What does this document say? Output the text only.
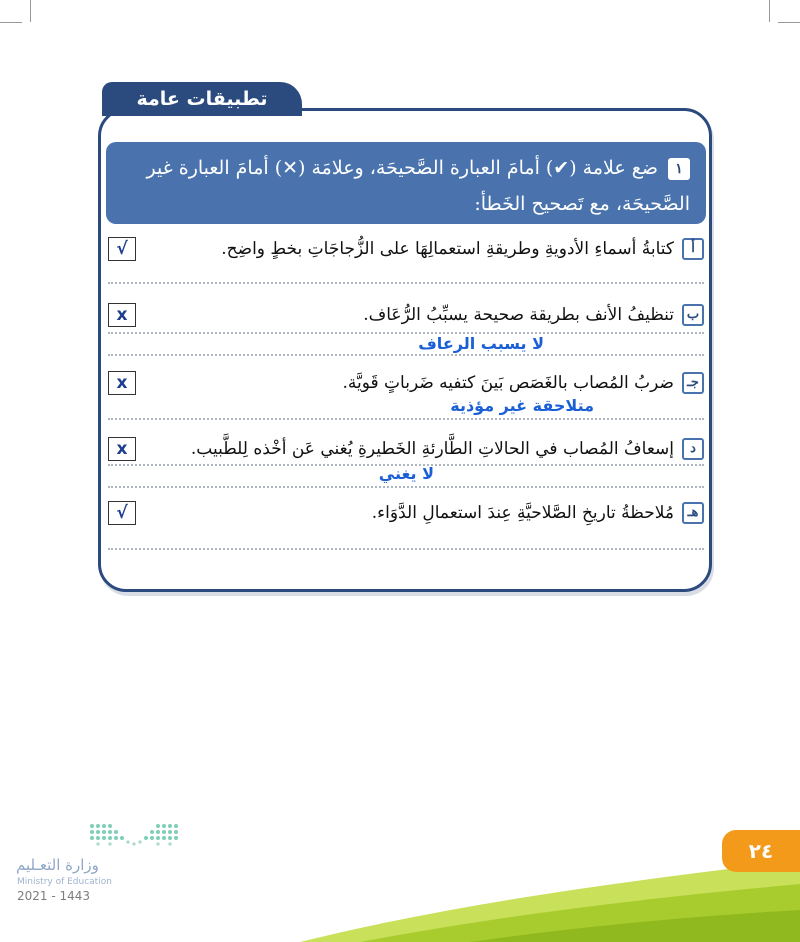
تطبيقات عامة
١ضع علامة (✔) أمامَ العبارة الصَّحيحَة، وعلامَة (✕) أمامَ العبارة غير الصَّحيحَة، مع تَصحيح الخَطأ:
أ
كتابةُ أسماءِ الأدويةِ وطريقةِ استعمالِهَا على الزُّجاجَاتِ بخطٍ واضِح.
√
ب
تنظيفُ الأنف بطريقة صحيحة يسبِّبُ الرُّعَاف.
x
لا يسبب الرعاف
جـ
ضربُ المُصاب بالغَصَص بَينَ كتفيه ضَرباتٍ قَويَّة.
x
متلاحقة غير مؤذية
د
إسعافُ المُصاب في الحالاتِ الطَّارئةِ الخَطيرةِ يُغني عَن أخْذه لِلطَّبيب.
x
لا يغني
هـ
مُلاحظةُ تاريخِ الصَّلاحيَّةِ عِندَ استعمالِ الدَّوَاء.
√
وزارة التعـليم
Ministry of Education
2021 - 1443
٢٤
